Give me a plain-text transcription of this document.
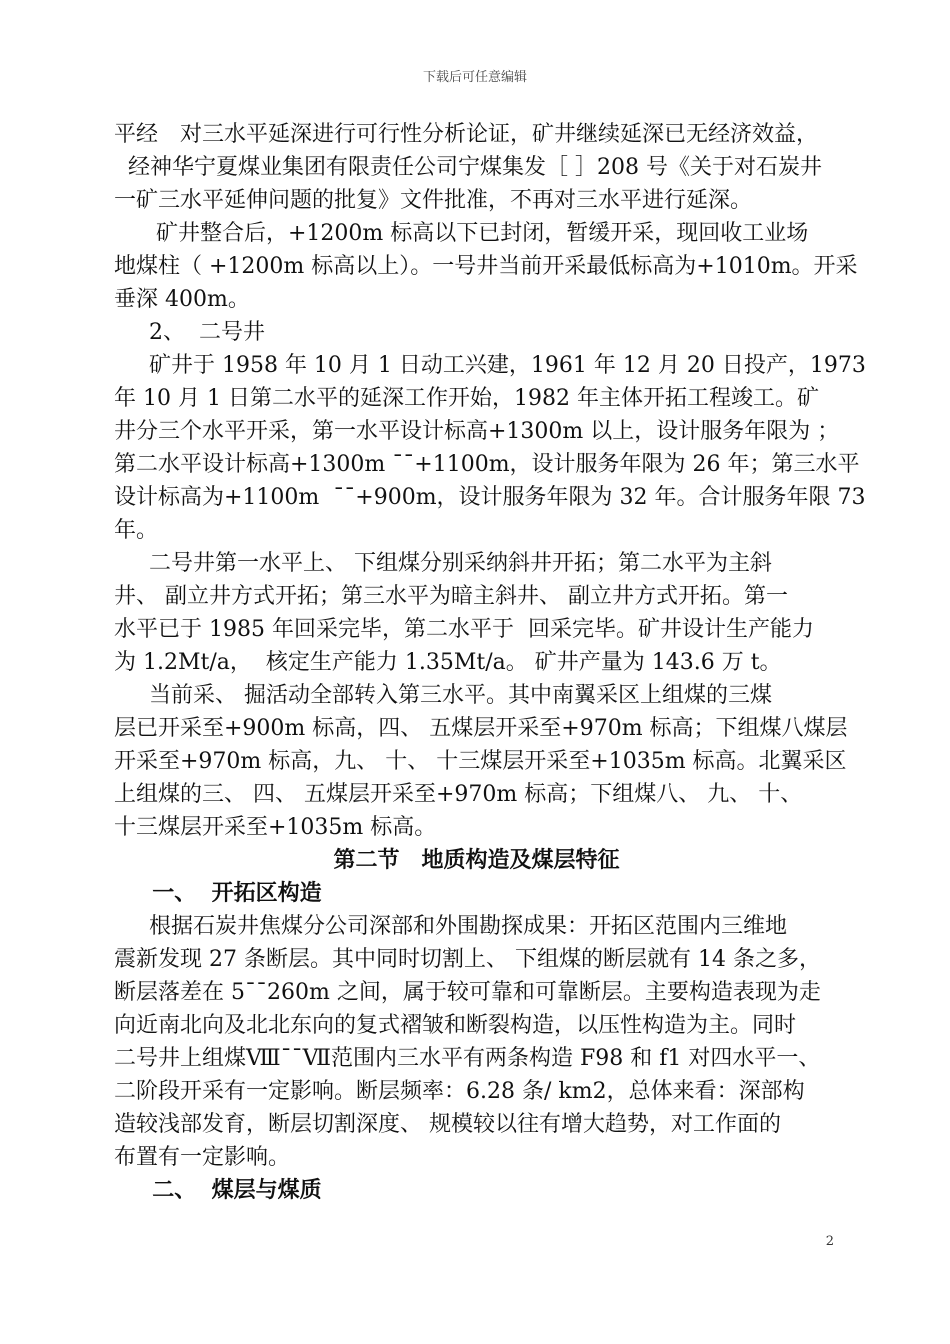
下载后可任意编辑
平经　对三水平延深进行可行性分析论证，矿井继续延深已无经济效益，
经神华宁夏煤业集团有限责任公司宁煤集发［ ］208 号《关于对石炭井
一矿三水平延伸问题的批复》文件批准，不再对三水平进行延深。
矿井整合后，+1200m 标高以下已封闭，暂缓开采，现回收工业场
地煤柱（ +1200m 标高以上）。一号井当前开采最低标高为+1010m。开采
垂深 400m。
2、  二号井
矿井于 1958 年 10 月 1 日动工兴建，1961 年 12 月 20 日投产，1973
年 10 月 1 日第二水平的延深工作开始，1982 年主体开拓工程竣工。矿
井分三个水平开采，第一水平设计标高+1300m 以上，设计服务年限为 ；
第二水平设计标高+1300m ¯¯+1100m，设计服务年限为 26 年；第三水平
设计标高为+1100m  ¯¯+900m，设计服务年限为 32 年。合计服务年限 73
年。
二号井第一水平上、 下组煤分别采纳斜井开拓；第二水平为主斜
井、 副立井方式开拓；第三水平为暗主斜井、 副立井方式开拓。第一
水平已于 1985 年回采完毕，第二水平于  回采完毕。矿井设计生产能力
为 1.2Mt/a，  核定生产能力 1.35Mt/a。 矿井产量为 143.6 万 t。
当前采、 掘活动全部转入第三水平。其中南翼采区上组煤的三煤
层已开采至+900m 标高，四、 五煤层开采至+970m 标高；下组煤八煤层
开采至+970m 标高，九、 十、 十三煤层开采至+1035m 标高。北翼采区
上组煤的三、 四、 五煤层开采至+970m 标高；下组煤八、 九、 十、
十三煤层开采至+1035m 标高。
第二节　地质构造及煤层特征
一、  开拓区构造
根据石炭井焦煤分公司深部和外围勘探成果：开拓区范围内三维地
震新发现 27 条断层。其中同时切割上、 下组煤的断层就有 14 条之多，
断层落差在 5¯¯260m 之间，属于较可靠和可靠断层。主要构造表现为走
向近南北向及北北东向的复式褶皱和断裂构造，以压性构造为主。同时
二号井上组煤Ⅷ¯¯Ⅶ范围内三水平有两条构造 F98 和 f1 对四水平一、
二阶段开采有一定影响。断层频率：6.28 条/ km2，总体来看：深部构
造较浅部发育，断层切割深度、 规模较以往有增大趋势，对工作面的
布置有一定影响。
二、  煤层与煤质
2
